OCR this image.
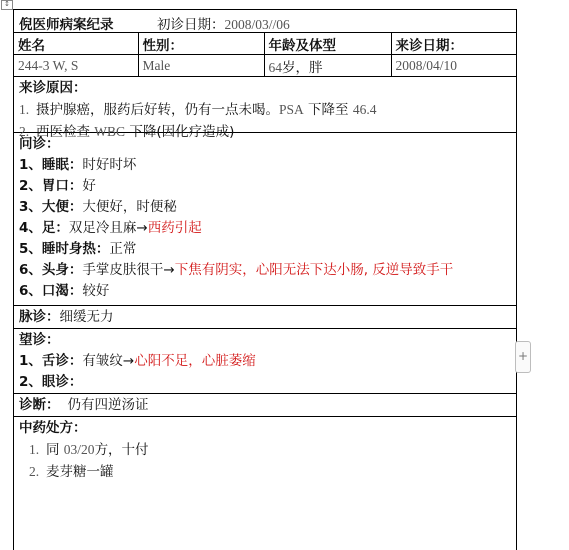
↕
倪医师病案纪录	初诊日期：2008/03//06
姓名	性别：	年龄及体型	来诊日期：
244-3 W, S	Male	64岁，胖	2008/04/10
来诊原因：
1. 摄护腺癌，服药后好转，仍有一点未喝。PSA 下降至 46.4
2. 西医检查 WBC 下降(因化疗造成)
问诊：
1、睡眠：时好时坏
2、胃口：好
3、大便：大便好，时便秘
4、足：双足冷且麻→西药引起
5、睡时身热：正常
6、头身：手掌皮肤很干→下焦有阴实，心阳无法下达小肠, 反逆导致手干
6、口渴：较好
脉诊：细缓无力
望诊：
1、舌诊：有皱纹→心阳不足，心脏萎缩
2、眼诊：
诊断： 仍有四逆汤证
中药处方：
1. 同 03/20方，十付
2. 麦芽糖一罐
+
